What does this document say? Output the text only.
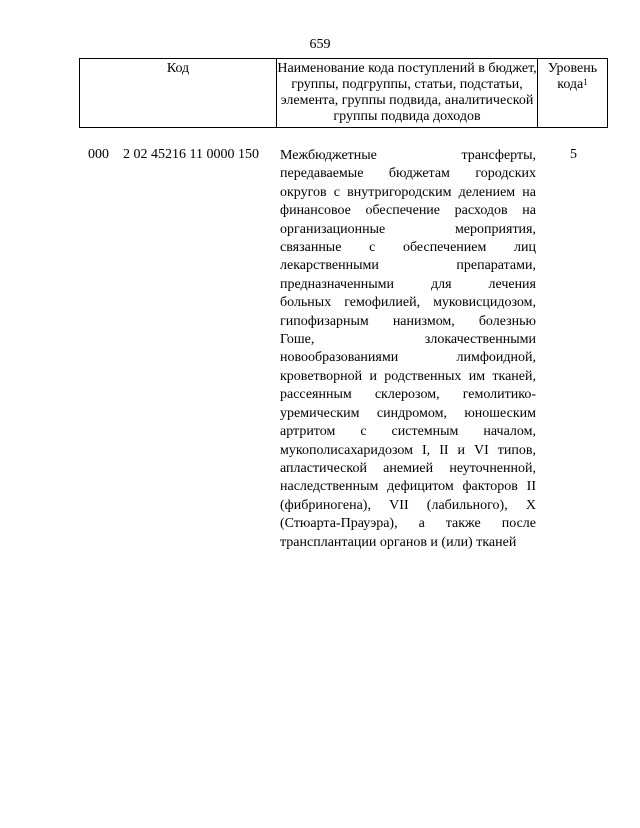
659
Код	Наименование кода поступлений в бюджет, группы, подгруппы, статьи, подстатьи, элемента, группы подвида, аналитической группы подвида доходов
Уровень кода$^1$
000 2 02 45216 11 0000 150 Межбюджетные трансферты,
передаваемые бюджетам городских
округов с внутригородским делением на
финансовое обеспечение расходов на
организационные мероприятия,
связанные с обеспечением лиц
лекарственными препаратами,
предназначенными для лечения
больных гемофилией, муковисцидозом,
гипофизарным нанизмом, болезнью
Гоше, злокачественными
новообразованиями лимфоидной,
кроветворной и родственных им тканей,
рассеянным склерозом, гемолитико-
уремическим синдромом, юношеским
артритом с системным началом,
мукополисахаридозом I, II и VI типов,
апластической анемией неуточненной,
наследственным дефицитом факторов II
(фибриногена), VII (лабильного), X
(Стюарта-Прауэра), а также после
трансплантации органов и (или) тканей
5
